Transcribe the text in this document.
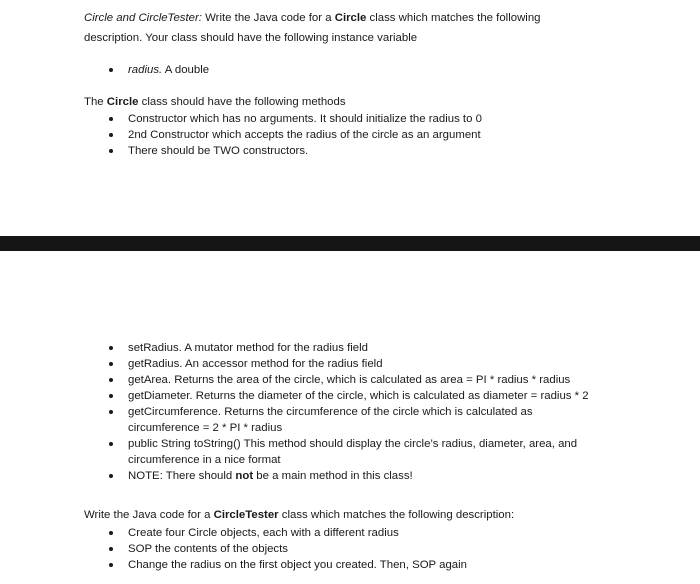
Circle and CircleTester: Write the Java code for a Circle class which matches the following

description. Your class should have the following instance variable

radius. A double

The Circle class should have the following methods

Constructor which has no arguments. It should initialize the radius to 0
2nd Constructor which accepts the radius of the circle as an argument
There should be TWO constructors.
setRadius. A mutator method for the radius field
getRadius. An accessor method for the radius field
getArea. Returns the area of the circle, which is calculated as area = PI * radius * radius
getDiameter. Returns the diameter of the circle, which is calculated as diameter = radius * 2
getCircumference. Returns the circumference of the circle which is calculated as
circumference = 2 * PI * radius
public String toString() This method should display the circle’s radius, diameter, area, and
circumference in a nice format
NOTE: There should not be a main method in this class!

Write the Java code for a CircleTester class which matches the following description:

Create four Circle objects, each with a different radius
SOP the contents of the objects
Change the radius on the first object you created. Then, SOP again
